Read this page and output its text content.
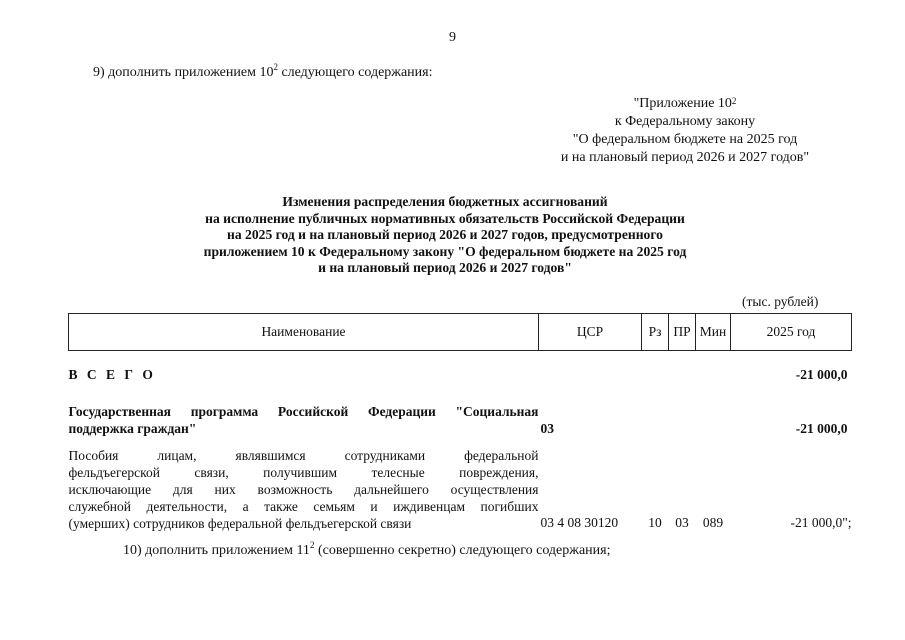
9
9) дополнить приложением $10^2$ следующего содержания:
"Приложение $10^2$
к Федеральному закону
"О федеральном бюджете на 2025 год
и на плановый период 2026 и 2027 годов"
Изменения распределения бюджетных ассигнований
на исполнение публичных нормативных обязательств Российской Федерации
на 2025 год и на плановый период 2026 и 2027 годов, предусмотренного
приложением 10 к Федеральному закону "О федеральном бюджете на 2025 год
и на плановый период 2026 и 2027 годов"
(тыс. рублей)
Наименование	ЦСР	Рз	ПР	Мин	2025 год
В С Е Г О					-21 000,0

Государственная программа Российской Федерации "Социальная
поддержка граждан"	03				-21 000,0

Пособия лицам, являвшимся сотрудниками федеральной
фельдъегерской связи, получившим телесные повреждения,
исключающие для них возможность дальнейшего осуществления
служебной деятельности, а также семьям и иждивенцам погибших
(умерших) сотрудников федеральной фельдъегерской связи	03 4 08 30120	10	03	089	-21 000,0";
10) дополнить приложением $11^2$ (совершенно секретно) следующего содержания;
